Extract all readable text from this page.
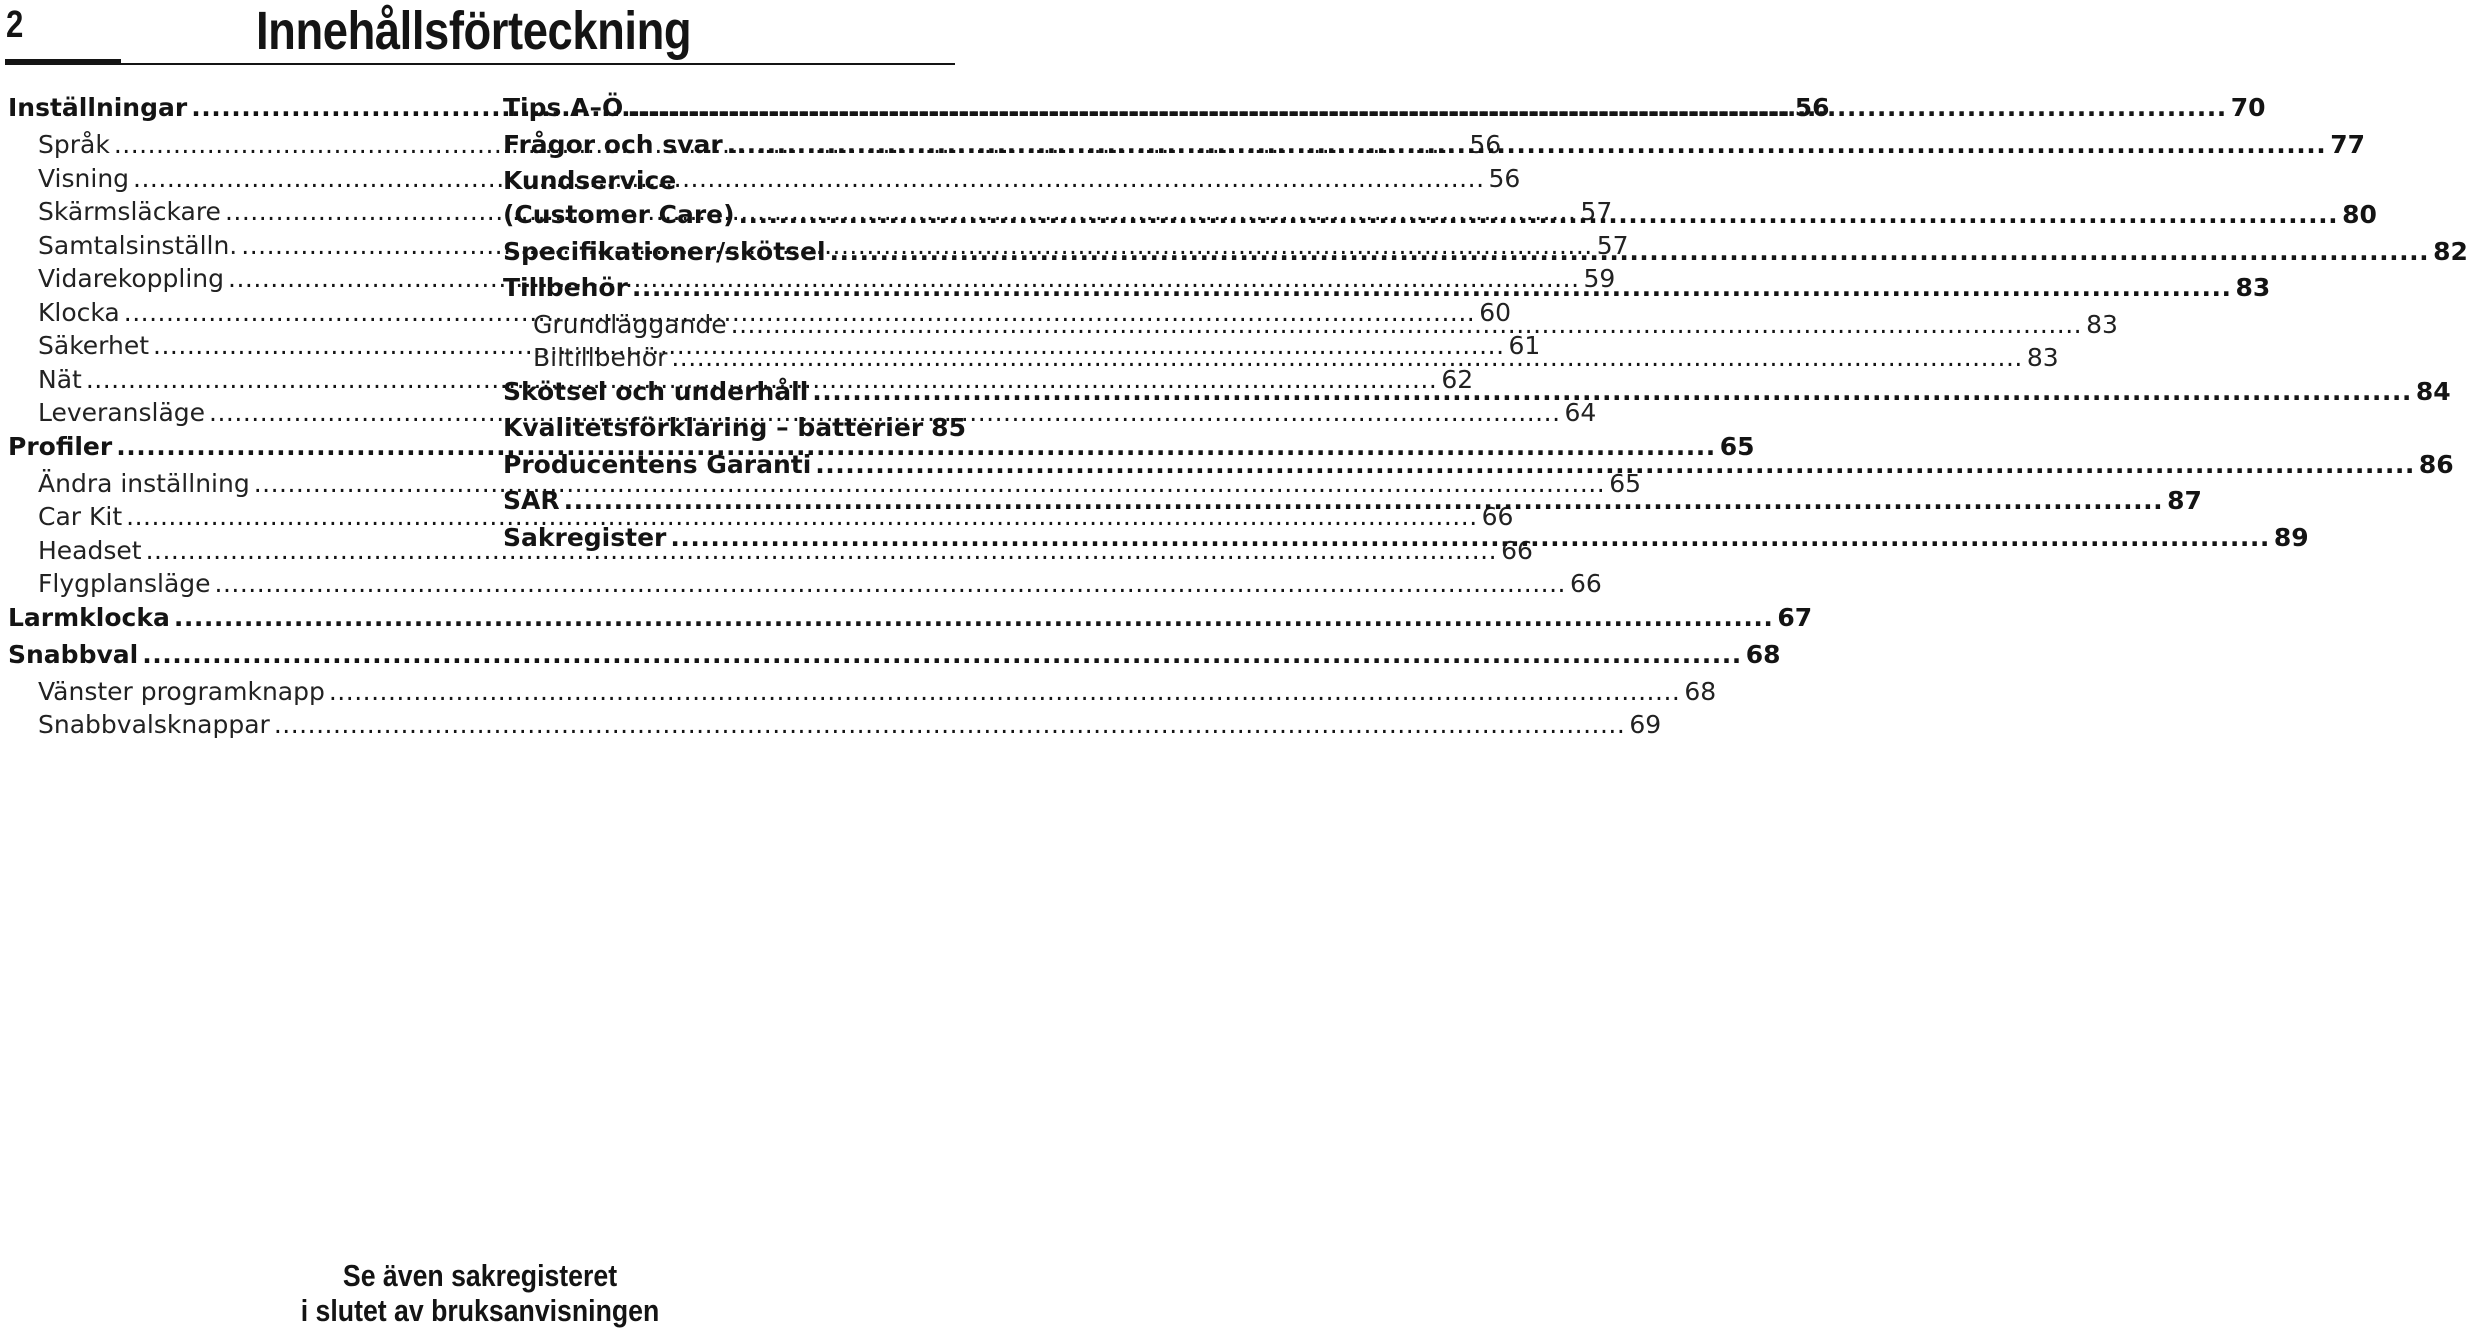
2	Innehållsförteckning
Inställningar .....	56
Språk .....	56
Visning .....	56
Skärmsläckare .....	57
Samtalsinställn. .....	57
Vidarekoppling .....	59
Klocka .....	60
Säkerhet .....	61
Nät .....	62
Leveransläge .....	64
Profiler .....	65
Ändra inställning .....	65
Car Kit .....	66
Headset .....	66
Flygplansläge .....	66
Larmklocka .....	67
Snabbval .....	68
Vänster programknapp .....	68
Snabbvalsknappar .....	69
Tips A–Ö .....	70
Frågor och svar .....	77
Kundservice
(Customer Care) .....	80
Specifikationer/skötsel .....	82
Tillbehör .....	83
Grundläggande .....	83
Biltillbehör .....	83
Skötsel och underhåll .....	84
Kvalitetsförklaring – batterier 85
Producentens Garanti .....	86
SAR .....	87
Sakregister .....	89
Se även sakregisteret
i slutet av bruksanvisningen
